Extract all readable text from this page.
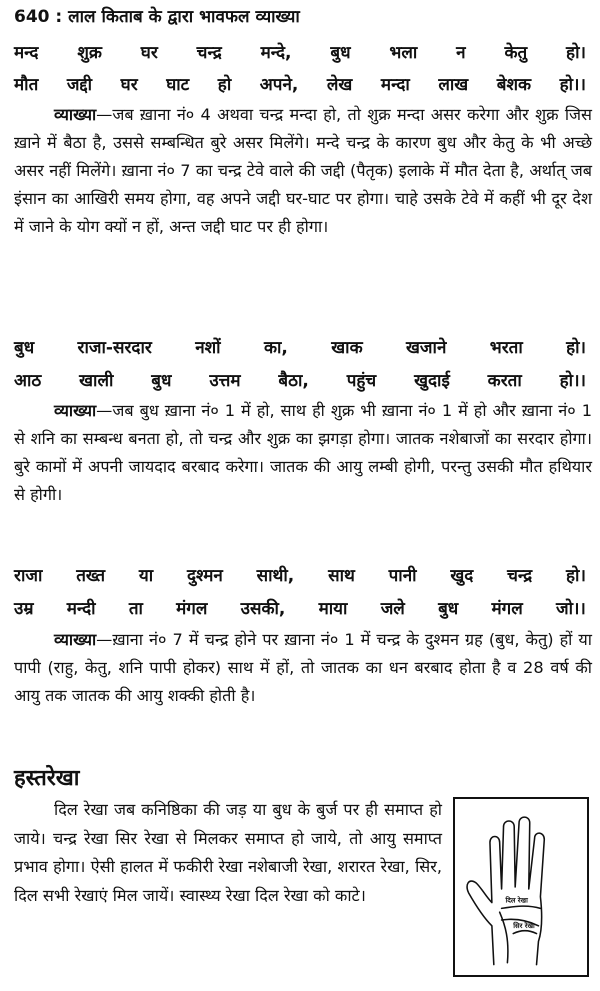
640 : लाल किताब के द्वारा भावफल व्याख्या
मन्द शुक्र घर चन्द्र मन्दे, बुध भला न केतु हो।
मौत जद्दी घर घाट हो अपने, लेख मन्दा लाख बेशक हो।।

व्याख्या—जब ख़ाना नं० 4 अथवा चन्द्र मन्दा हो, तो शुक्र मन्दा असर करेगा और शुक्र जिस ख़ाने में बैठा है, उससे सम्बन्धित बुरे असर मिलेंगे। मन्दे चन्द्र के कारण बुध और केतु के भी अच्छे असर नहीं मिलेंगे। ख़ाना नं० 7 का चन्द्र टेवे वाले की जद्दी (पैतृक) इलाके में मौत देता है, अर्थात् जब इंसान का आखिरी समय होगा, वह अपने जद्दी घर-घाट पर होगा। चाहे उसके टेवे में कहीं भी दूर देश में जाने के योग क्यों न हों, अन्त जद्दी घाट पर ही होगा।

बुध	राजा-सरदार	नशों	का,	खाक	खजाने	भरता	हो।
आठ खाली बुध उत्तम बैठा, पहुंच खुदाई करता हो।।

व्याख्या—जब बुध ख़ाना नं० 1 में हो, साथ ही शुक्र भी ख़ाना नं० 1 में हो और ख़ाना नं० 1 से शनि का सम्बन्ध बनता हो, तो चन्द्र और शुक्र का झगड़ा होगा। जातक नशेबाजों का सरदार होगा। बुरे कामों में अपनी जायदाद बरबाद करेगा। जातक की आयु लम्बी होगी, परन्तु उसकी मौत हथियार से होगी।

राजा तख्त या दुश्मन साथी, साथ पानी खुद चन्द्र हो।
उम्र मन्दी ता मंगल उसकी, माया जले बुध मंगल जो।।

व्याख्या—ख़ाना नं० 7 में चन्द्र होने पर ख़ाना नं० 1 में चन्द्र के दुश्मन ग्रह (बुध, केतु) हों या पापी (राहु, केतु, शनि पापी होकर) साथ में हों, तो जातक का धन बरबाद होता है व 28 वर्ष की आयु तक जातक की आयु शक्की होती है।

हस्तरेखा

दिल रेखा जब कनिष्ठिका की जड़ या बुध के बुर्ज पर ही समाप्त हो जाये। चन्द्र रेखा सिर रेखा से मिलकर समाप्त हो जाये, तो आयु समाप्त प्रभाव होगा। ऐसी हालत में फकीरी रेखा नशेबाजी रेखा, शरारत रेखा, सिर, दिल सभी रेखाएं मिल जायें। स्वास्थ्य रेखा दिल रेखा को काटे।	दिल रेखा
सिर रेखा
